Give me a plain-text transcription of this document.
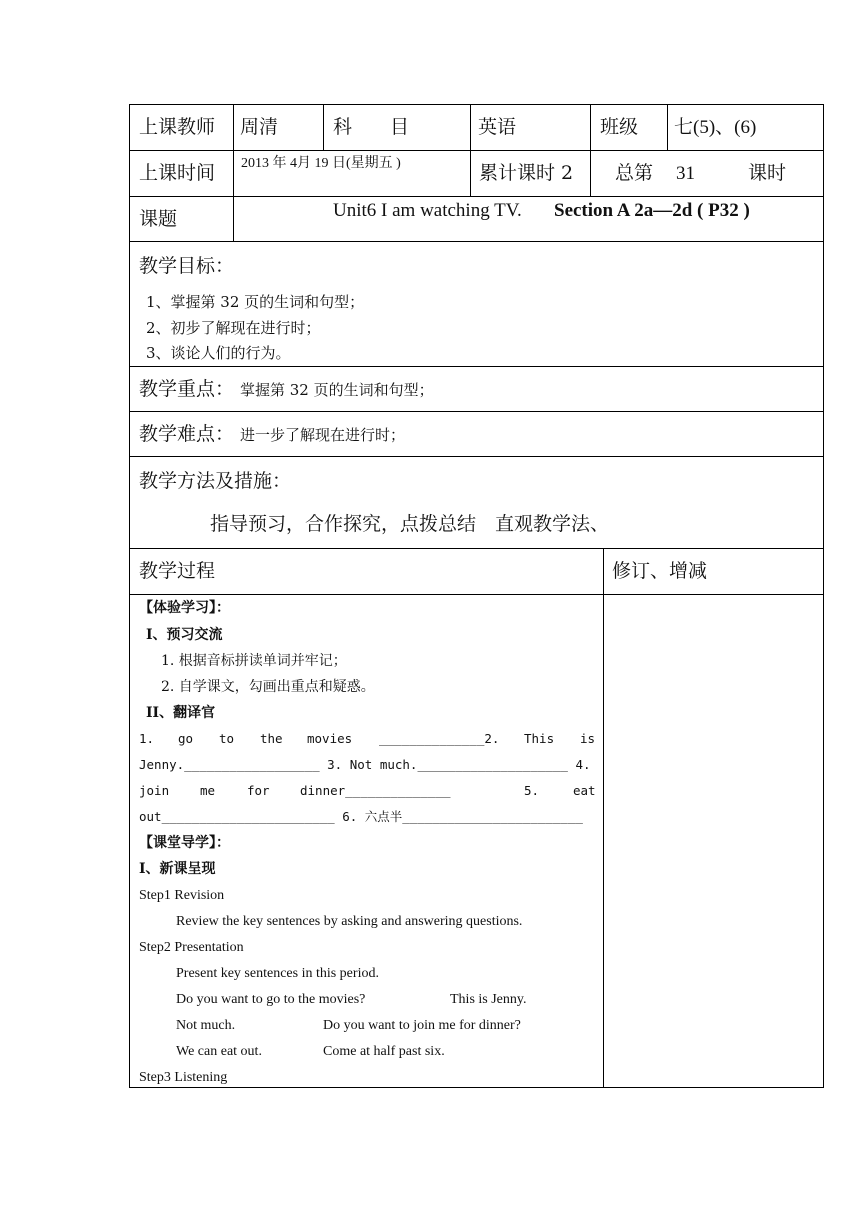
上课教师 周清	科　　目	英语	班级 七(5)、(6)
上课时间 2013 年 4月 19 日(星期五 )	累计课时 2 总第 31	课时
课题	Unit6 I am watching TV. Section A 2a—2d ( P32 )
教学目标：
1、掌握第 32 页的生词和句型；
2、初步了解现在进行时；
3、谈论人们的行为。
教学重点： 掌握第 32 页的生词和句型；
教学难点： 进一步了解现在进行时；
教学方法及措施：
指导预习，合作探究，点拨总结　直观教学法、
教学过程	修订、增减
【体验学习】：
I、预习交流
1. 根据音标拼读单词并牢记；
2. 自学课文，勾画出重点和疑惑。
II、翻译官
1. go to the movies ______________2. This is
Jenny.__________________ 3. Not much.____________________ 4.
join me	for dinner______________	5.	eat
out_______________________ 6. 六点半________________________
【课堂导学】：
I、新课呈现
Step1 Revision
Review the key sentences by asking and answering questions.
Step2 Presentation
Present key sentences in this period.
Do you want to go to the movies?	This is Jenny.
Not much.	Do you want to join me for dinner?
We can eat out.	Come at half past six.
Step3 Listening
